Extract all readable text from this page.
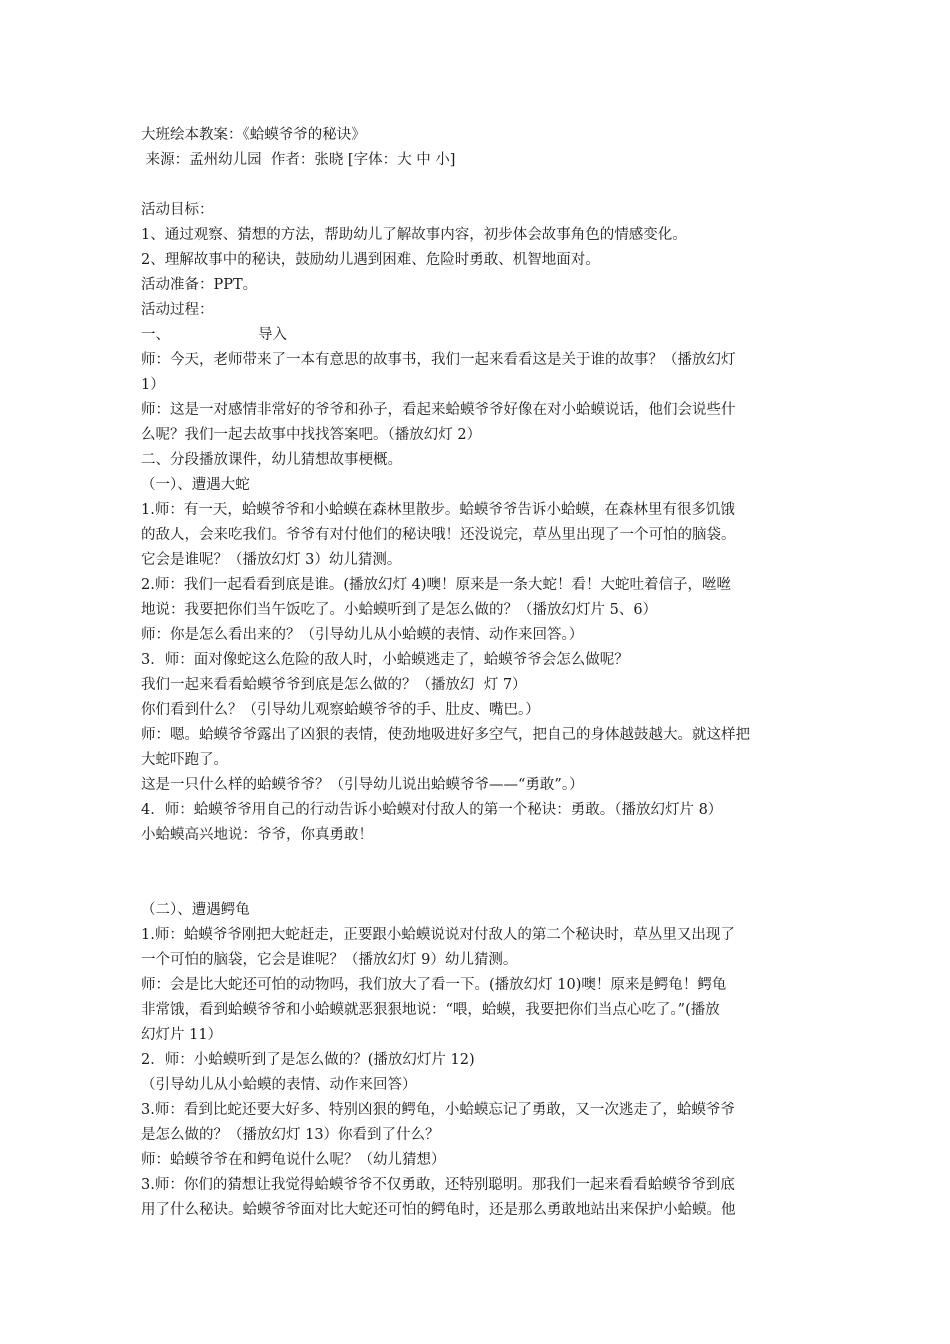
大班绘本教案：《蛤蟆爷爷的秘诀》
来源：孟州幼儿园  作者：张晓 [字体：大 中 小]
活动目标：
1、通过观察、猜想的方法，帮助幼儿了解故事内容，初步体会故事角色的情感变化。
2、理解故事中的秘诀，鼓励幼儿遇到困难、危险时勇敢、机智地面对。
活动准备：PPT。
活动过程：
一、	导入
师：今天，老师带来了一本有意思的故事书，我们一起来看看这是关于谁的故事？（播放幻灯
1）
师：这是一对感情非常好的爷爷和孙子，看起来蛤蟆爷爷好像在对小蛤蟆说话，他们会说些什
么呢？我们一起去故事中找找答案吧。（播放幻灯 2）
二、分段播放课件，幼儿猜想故事梗概。
（一）、遭遇大蛇
1.师：有一天，蛤蟆爷爷和小蛤蟆在森林里散步。蛤蟆爷爷告诉小蛤蟆，在森林里有很多饥饿
的敌人，会来吃我们。爷爷有对付他们的秘诀哦！还没说完，草丛里出现了一个可怕的脑袋。
它会是谁呢？（播放幻灯 3）幼儿猜测。
2.师：我们一起看看到底是谁。(播放幻灯 4)噢！原来是一条大蛇！看！大蛇吐着信子，咝咝
地说：我要把你们当午饭吃了。小蛤蟆听到了是怎么做的？（播放幻灯片 5、6）
师：你是怎么看出来的？（引导幼儿从小蛤蟆的表情、动作来回答。）
3．师：面对像蛇这么危险的敌人时，小蛤蟆逃走了，蛤蟆爷爷会怎么做呢？
我们一起来看看蛤蟆爷爷到底是怎么做的？（播放幻  灯 7）
你们看到什么？（引导幼儿观察蛤蟆爷爷的手、肚皮、嘴巴。）
师：嗯。蛤蟆爷爷露出了凶狠的表情，使劲地吸进好多空气，把自己的身体越鼓越大。就这样把
大蛇吓跑了。
这是一只什么样的蛤蟆爷爷？（引导幼儿说出蛤蟆爷爷——“勇敢”。）
4．师：蛤蟆爷爷用自己的行动告诉小蛤蟆对付敌人的第一个秘诀：勇敢。（播放幻灯片 8）
小蛤蟆高兴地说：爷爷，你真勇敢！
（二）、遭遇鳄龟
1.师：蛤蟆爷爷刚把大蛇赶走，正要跟小蛤蟆说说对付敌人的第二个秘诀时，草丛里又出现了
一个可怕的脑袋，它会是谁呢？（播放幻灯 9）幼儿猜测。
师：会是比大蛇还可怕的动物吗，我们放大了看一下。(播放幻灯 10)噢！原来是鳄龟！鳄龟
非常饿，看到蛤蟆爷爷和小蛤蟆就恶狠狠地说：“喂，蛤蟆，我要把你们当点心吃了。”(播放
幻灯片 11）
2．师：小蛤蟆听到了是怎么做的？(播放幻灯片 12)
（引导幼儿从小蛤蟆的表情、动作来回答）
3.师：看到比蛇还要大好多、特别凶狠的鳄龟，小蛤蟆忘记了勇敢，又一次逃走了，蛤蟆爷爷
是怎么做的？（播放幻灯 13）你看到了什么？
师：蛤蟆爷爷在和鳄龟说什么呢？（幼儿猜想）
3.师：你们的猜想让我觉得蛤蟆爷爷不仅勇敢，还特别聪明。那我们一起来看看蛤蟆爷爷到底
用了什么秘诀。蛤蟆爷爷面对比大蛇还可怕的鳄龟时，还是那么勇敢地站出来保护小蛤蟆。他
